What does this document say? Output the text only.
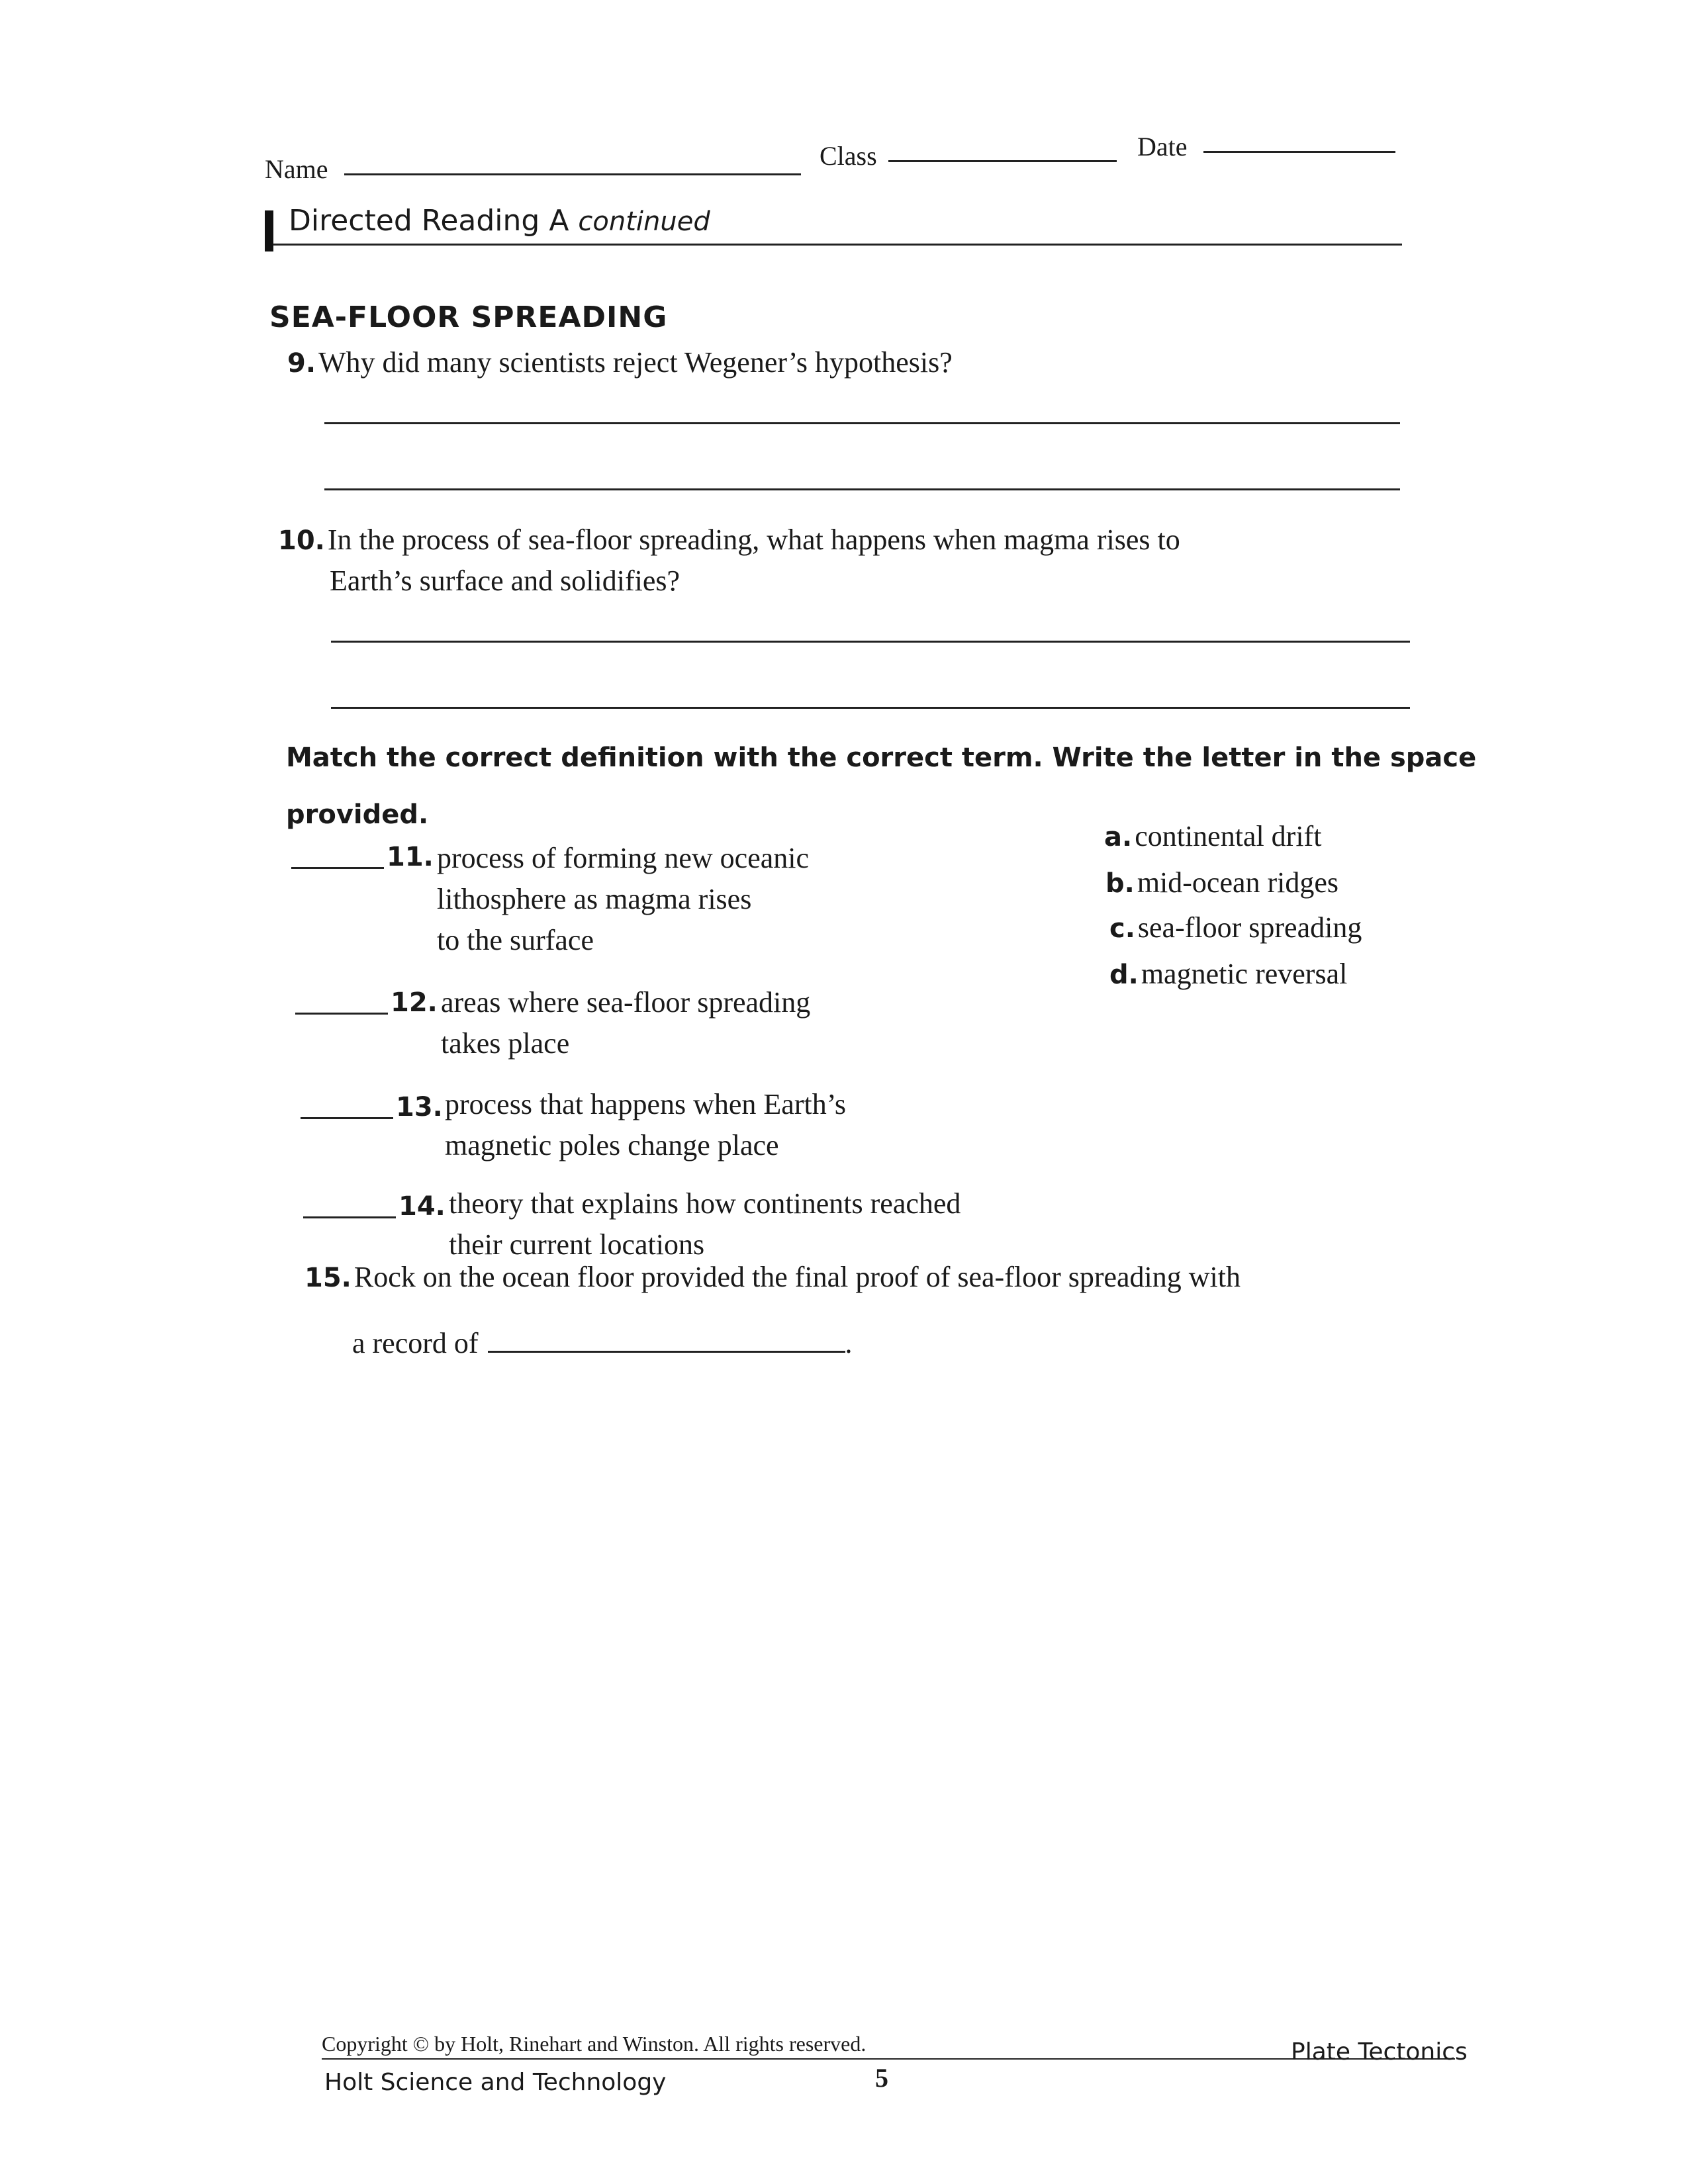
Name	Class	Date
Directed Reading A continued
SEA-FLOOR SPREADING
9. Why did many scientists reject Wegener’s hypothesis?
10. In the process of sea-floor spreading, what happens when magma rises to
Earth’s surface and solidifies?
Match the correct definition with the correct term. Write the letter in the space
provided.
11. process of forming new oceanic
lithosphere as magma rises
to the surface
12. areas where sea-floor spreading
takes place
13. process that happens when Earth’s
magnetic poles change place
14. theory that explains how continents reached
their current locations
a. continental drift
b. mid-ocean ridges
c. sea-floor spreading
d. magnetic reversal
15. Rock on the ocean floor provided the final proof of sea-floor spreading with
a record of	.
Copyright © by Holt, Rinehart and Winston. All rights reserved.
Holt Science and Technology	5
Plate Tectonics
